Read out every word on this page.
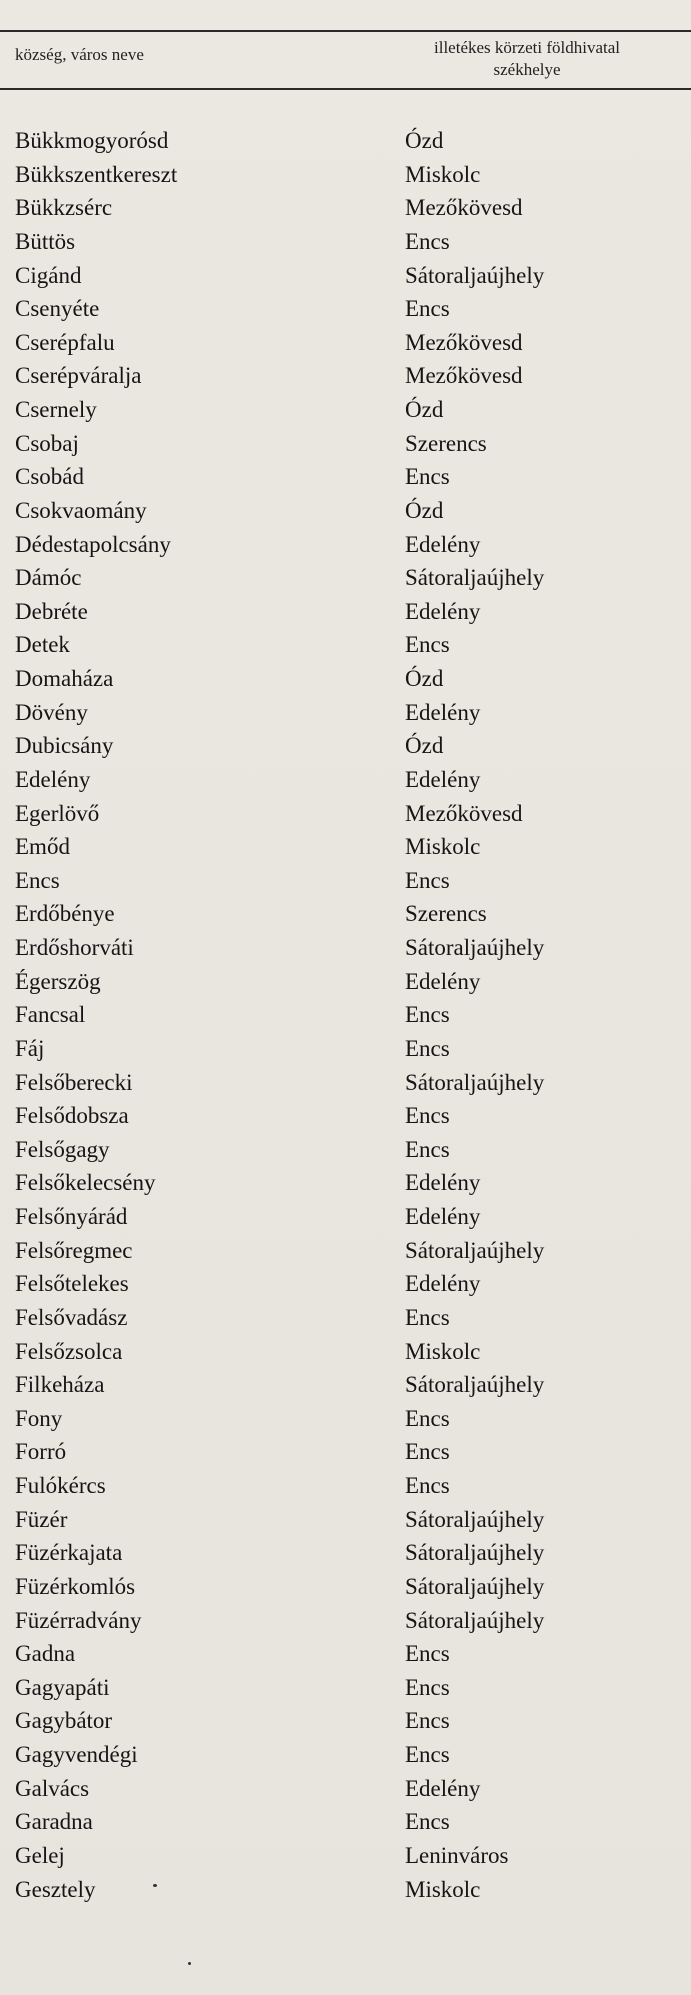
község, város neve	illetékes körzeti földhivatal
székhelye
Bükkmogyorósd	Ózd
Bükkszentkereszt	Miskolc
Bükkzsérc	Mezőkövesd
Büttös	Encs
Cigánd	Sátoraljaújhely
Csenyéte	Encs
Cserépfalu	Mezőkövesd
Cserépváralja	Mezőkövesd
Csernely	Ózd
Csobaj	Szerencs
Csobád	Encs
Csokvaomány	Ózd
Dédestapolcsány	Edelény
Dámóc	Sátoraljaújhely
Debréte	Edelény
Detek	Encs
Domaháza	Ózd
Dövény	Edelény
Dubicsány	Ózd
Edelény	Edelény
Egerlövő	Mezőkövesd
Emőd	Miskolc
Encs	Encs
Erdőbénye	Szerencs
Erdőshorváti	Sátoraljaújhely
Égerszög	Edelény
Fancsal	Encs
Fáj	Encs
Felsőberecki	Sátoraljaújhely
Felsődobsza	Encs
Felsőgagy	Encs
Felsőkelecsény	Edelény
Felsőnyárád	Edelény
Felsőregmec	Sátoraljaújhely
Felsőtelekes	Edelény
Felsővadász	Encs
Felsőzsolca	Miskolc
Filkeháza	Sátoraljaújhely
Fony	Encs
Forró	Encs
Fulókércs	Encs
Füzér	Sátoraljaújhely
Füzérkajata	Sátoraljaújhely
Füzérkomlós	Sátoraljaújhely
Füzérradvány	Sátoraljaújhely
Gadna	Encs
Gagyapáti	Encs
Gagybátor	Encs
Gagyvendégi	Encs
Galvács	Edelény
Garadna	Encs
Gelej	Leninváros
Gesztely	Miskolc
